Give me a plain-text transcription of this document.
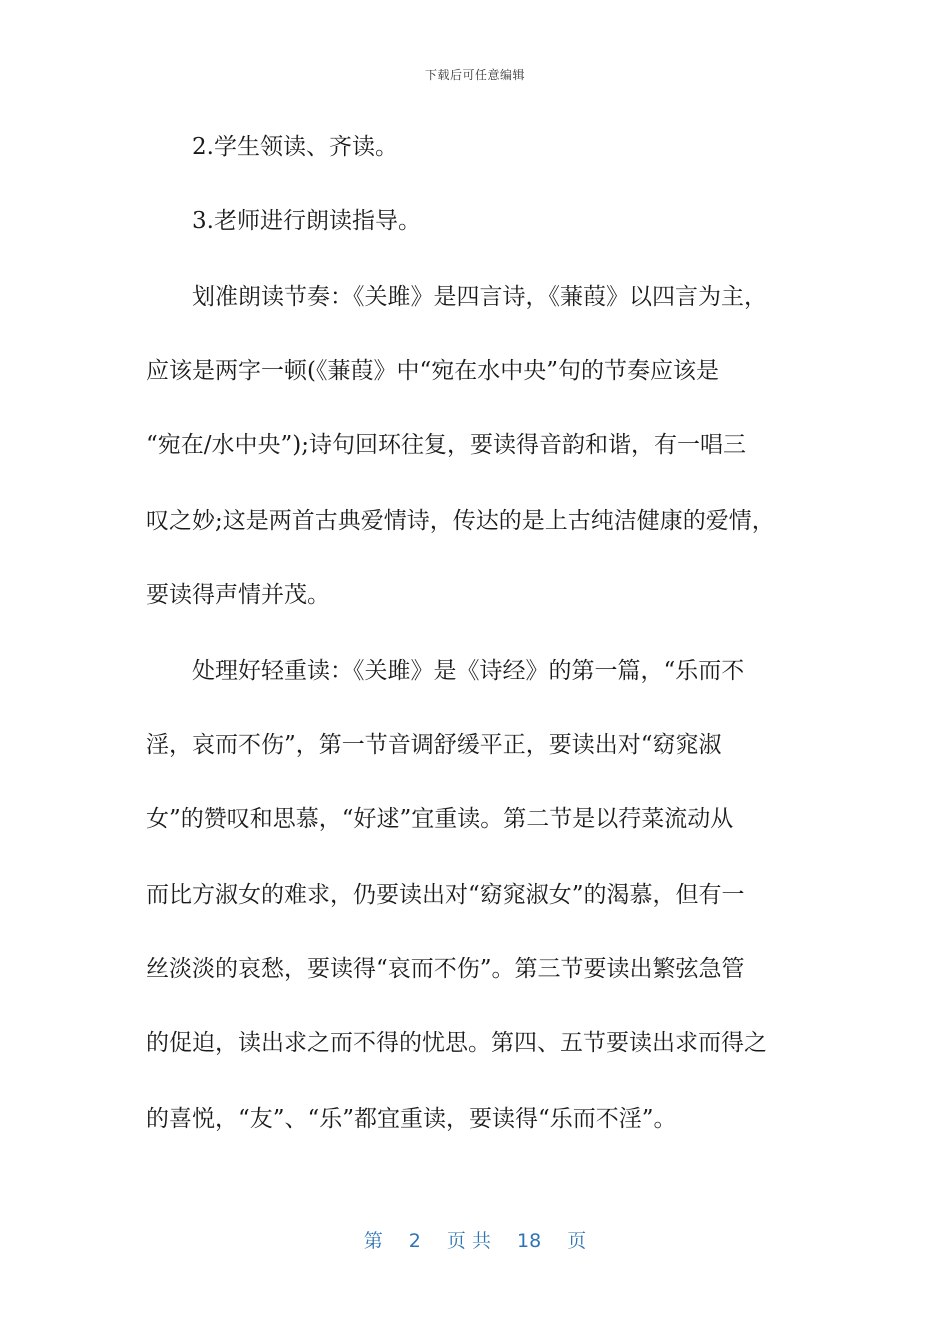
下载后可任意编辑
2.学生领读、齐读。
3.老师进行朗读指导。
划准朗读节奏：《关雎》是四言诗，《蒹葭》以四言为主，
应该是两字一顿(《蒹葭》中“宛在水中央”句的节奏应该是
“宛在/水中央”);诗句回环往复，要读得音韵和谐，有一唱三
叹之妙;这是两首古典爱情诗，传达的是上古纯洁健康的爱情，
要读得声情并茂。
处理好轻重读：《关雎》是《诗经》的第一篇，“乐而不
淫，哀而不伤”，第一节音调舒缓平正，要读出对“窈窕淑
女”的赞叹和思慕，“好逑”宜重读。第二节是以荇菜流动从
而比方淑女的难求，仍要读出对“窈窕淑女”的渴慕，但有一
丝淡淡的哀愁，要读得“哀而不伤”。第三节要读出繁弦急管
的促迫，读出求之而不得的忧思。第四、五节要读出求而得之
的喜悦，“友”、“乐”都宜重读，要读得“乐而不淫”。
第 2 页 共 18 页
